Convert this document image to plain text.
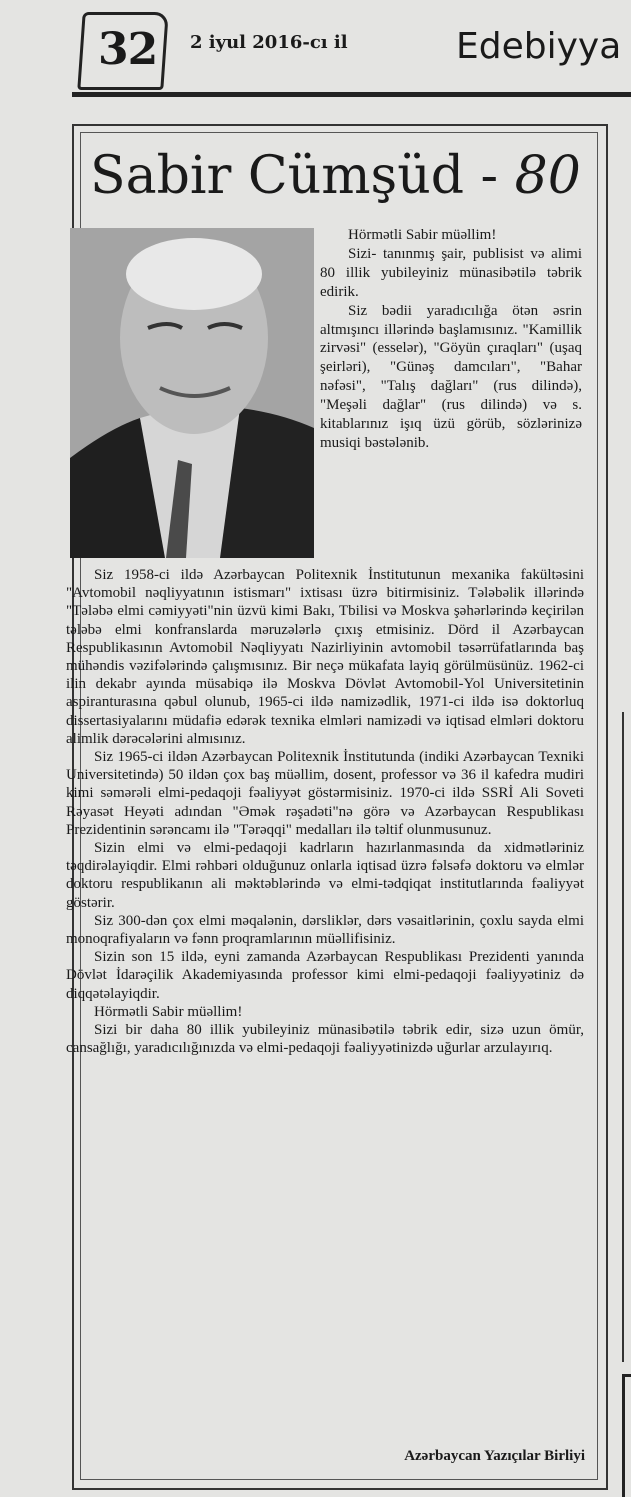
32 2 iyul 2016-cı il	Edebiyya
Sabir Cümşüd - 80

Hörmətli Sabir müəllim!

Sizi- tanınmış şair, publisist və alimi 80 illik yubileyiniz münasibətilə təbrik edirik.

Siz bədii yaradıcılığa ötən əsrin altmışıncı illərində başlamısınız. "Kamillik zirvəsi" (esselər), "Göyün çıraqları" (uşaq şeirləri), "Günəş damcıları", "Bahar nəfəsi", "Talış dağları" (rus dilində), "Meşəli dağlar" (rus dilində) və s. kitablarınız işıq üzü görüb, sözlərinizə musiqi bəstələnib.

Siz 1958-ci ildə Azərbaycan Politexnik İnstitutunun mexanika fakültəsini "Avtomobil nəqliyyatının istismarı" ixtisası üzrə bitirmisiniz. Tələbəlik illərində "Tələbə elmi cəmiyyəti"nin üzvü kimi Bakı, Tbilisi və Moskva şəhərlərində keçirilən tələbə elmi konfranslarda məruzələrlə çıxış etmisiniz. Dörd il Azərbaycan Respublikasının Avtomobil Nəqliyyatı Nazirliyinin avtomobil təsərrüfatlarında baş mühəndis vəzifələrində çalışmısınız. Bir neçə mükafata layiq görülmüsünüz. 1962-ci ilin dekabr ayında müsabiqə ilə Moskva Dövlət Avtomobil-Yol Universitetinin aspiranturasına qəbul olunub, 1965-ci ildə namizədlik, 1971-ci ildə isə doktorluq dissertasiyalarını müdafiə edərək texnika elmləri namizədi və iqtisad elmləri doktoru alimlik dərəcələrini almısınız.

Siz 1965-ci ildən Azərbaycan Politexnik İnstitutunda (indiki Azərbaycan Texniki Universitetində) 50 ildən çox baş müəllim, dosent, professor və 36 il kafedra mudiri kimi səmərəli elmi-pedaqoji fəaliyyət göstərmisiniz. 1970-ci ildə SSRİ Ali Soveti Rəyasət Heyəti adından "Əmək rəşadəti"nə görə və Azərbaycan Respublikası Prezidentinin sərəncamı ilə "Tərəqqi" medalları ilə təltif olunmusunuz.

Sizin elmi və elmi-pedaqoji kadrların hazırlanmasında da xidmətləriniz təqdirəlayiqdir. Elmi rəhbəri olduğunuz onlarla iqtisad üzrə fəlsəfə doktoru və elmlər doktoru respublikanın ali məktəblərində və elmi-tədqiqat institutlarında fəaliyyət göstərir.

Siz 300-dən çox elmi məqalənin, dərsliklər, dərs vəsaitlərinin, çoxlu sayda elmi monoqrafiyaların və fənn proqramlarının müəllifisiniz.

Sizin son 15 ildə, eyni zamanda Azərbaycan Respublikası Prezidenti yanında Dövlət İdarəçilik Akademiyasında professor kimi elmi-pedaqoji fəaliyyətiniz də diqqətəlayiqdir.

Hörmətli Sabir müəllim!

Sizi bir daha 80 illik yubileyiniz münasibətilə təbrik edir, sizə uzun ömür, cansağlığı, yaradıcılığınızda və elmi-pedaqoji fəaliyyətinizdə uğurlar arzulayırıq.

Azərbaycan Yazıçılar Birliyi
